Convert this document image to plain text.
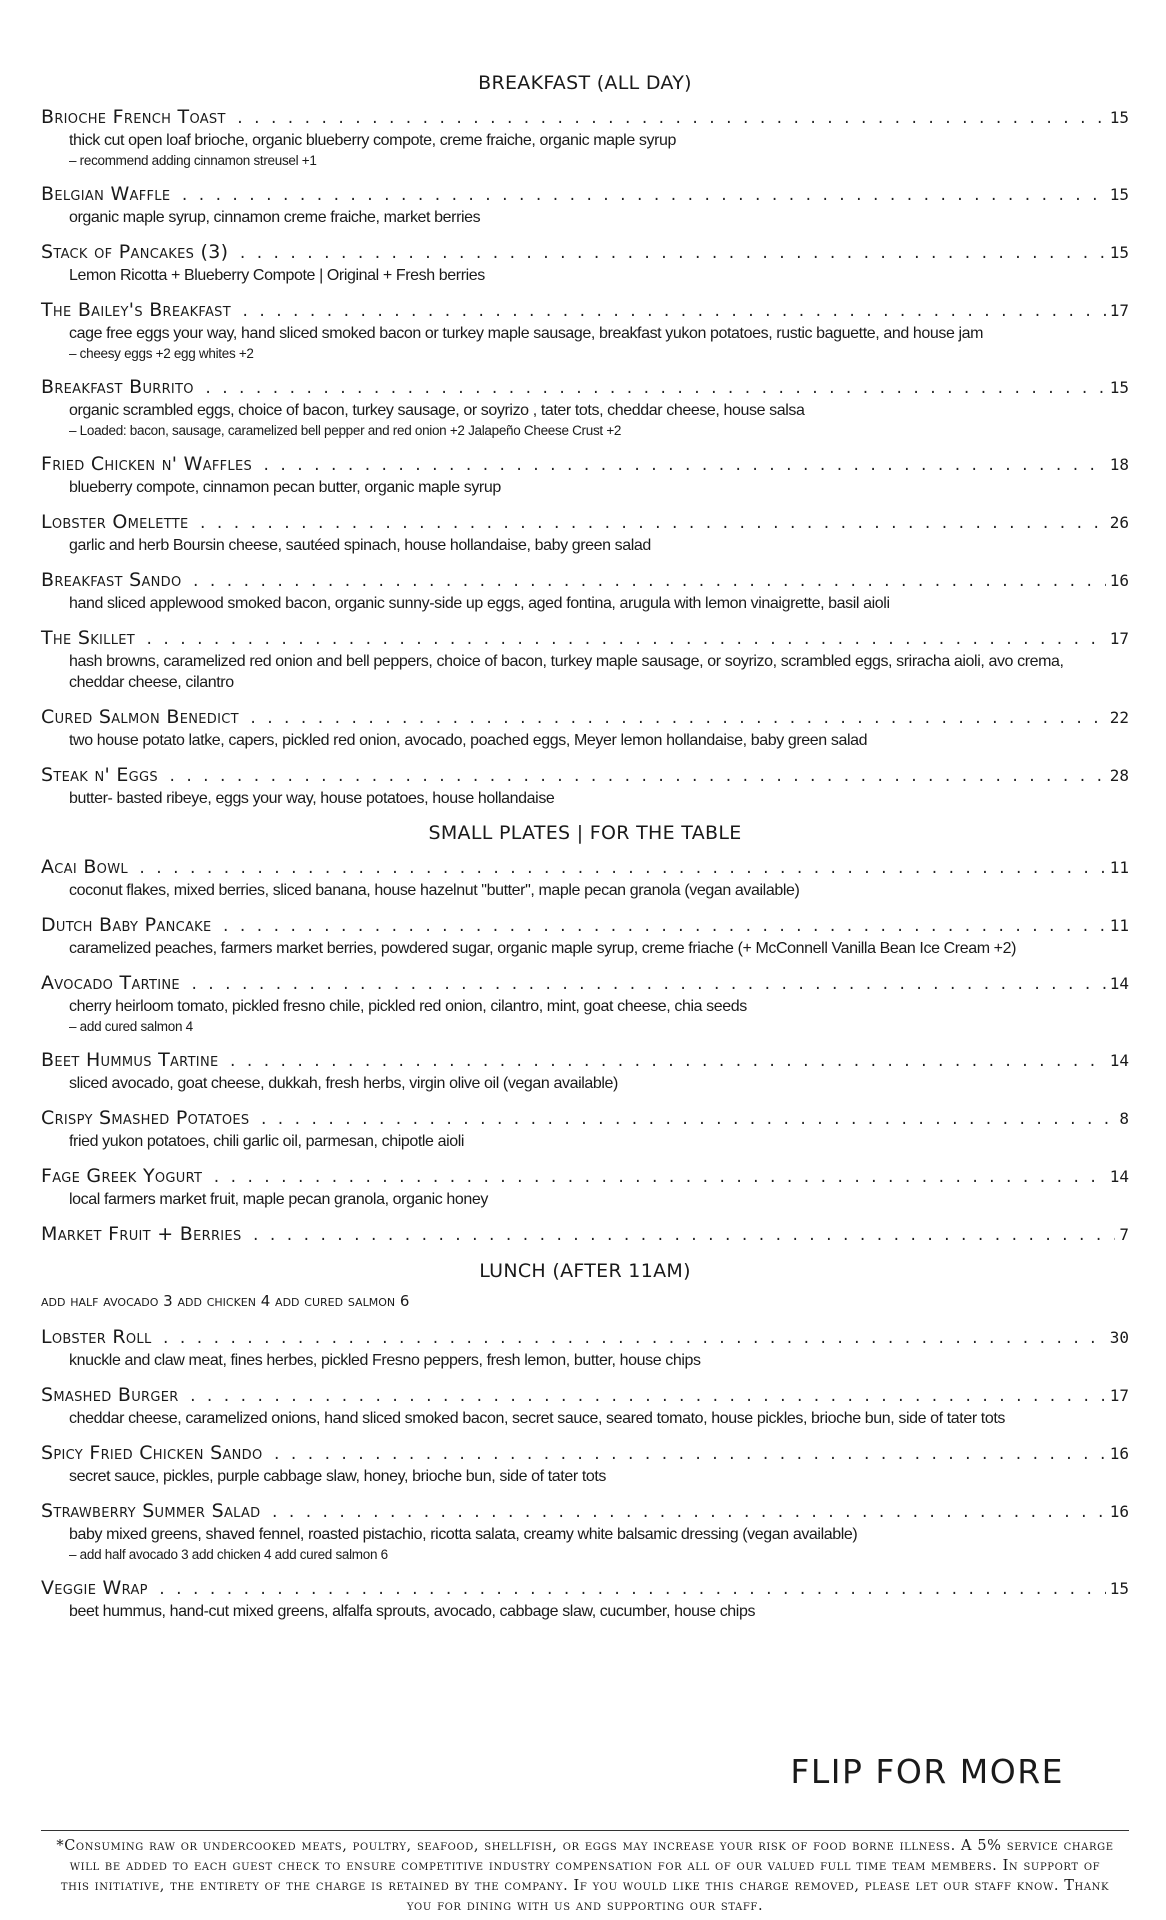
BREAKFAST (ALL DAY)
Brioche French Toast . . .	15
thick cut open loaf brioche, organic blueberry compote, creme fraiche, organic maple syrup
– recommend adding cinnamon streusel +1
Belgian Waffle . . .	15
organic maple syrup, cinnamon creme fraiche, market berries
Stack of Pancakes (3) . . .	15
Lemon Ricotta + Blueberry Compote | Original + Fresh berries
The Bailey's Breakfast . . .	17
cage free eggs your way, hand sliced smoked bacon or turkey maple sausage, breakfast yukon potatoes, rustic baguette, and house jam
– cheesy eggs +2 egg whites +2
Breakfast Burrito . . .	15
organic scrambled eggs, choice of bacon, turkey sausage, or soyrizo , tater tots, cheddar cheese, house salsa
– Loaded: bacon, sausage, caramelized bell pepper and red onion +2 Jalapeño Cheese Crust +2
Fried Chicken n' Waffles . . .	18
blueberry compote, cinnamon pecan butter, organic maple syrup
Lobster Omelette . . .	26
garlic and herb Boursin cheese, sautéed spinach, house hollandaise, baby green salad
Breakfast Sando . . .	16
hand sliced applewood smoked bacon, organic sunny-side up eggs, aged fontina, arugula with lemon vinaigrette, basil aioli
The Skillet . . .	17
hash browns, caramelized red onion and bell peppers, choice of bacon, turkey maple sausage, or soyrizo, scrambled eggs, sriracha aioli, avo crema, cheddar cheese, cilantro
Cured Salmon Benedict . . .	22
two house potato latke, capers, pickled red onion, avocado, poached eggs, Meyer lemon hollandaise, baby green salad
Steak n' Eggs . . .	28
butter- basted ribeye, eggs your way, house potatoes, house hollandaise
SMALL PLATES | FOR THE TABLE
Acai Bowl . . .	11
coconut flakes, mixed berries, sliced banana, house hazelnut "butter", maple pecan granola (vegan available)
Dutch Baby Pancake . . .	11
caramelized peaches, farmers market berries, powdered sugar, organic maple syrup, creme friache (+ McConnell Vanilla Bean Ice Cream +2)
Avocado Tartine . . .	14
cherry heirloom tomato, pickled fresno chile, pickled red onion, cilantro, mint, goat cheese, chia seeds
– add cured salmon 4
Beet Hummus Tartine . . .	14
sliced avocado, goat cheese, dukkah, fresh herbs, virgin olive oil (vegan available)
Crispy Smashed Potatoes . . .	8
fried yukon potatoes, chili garlic oil, parmesan, chipotle aioli
Fage Greek Yogurt . . .	14
local farmers market fruit, maple pecan granola, organic honey
Market Fruit + Berries . . .	7
LUNCH (AFTER 11AM)
add half avocado 3 add chicken 4 add cured salmon 6
Lobster Roll . . .	30
knuckle and claw meat, fines herbes, pickled Fresno peppers, fresh lemon, butter, house chips
Smashed Burger . . .	17
cheddar cheese, caramelized onions, hand sliced smoked bacon, secret sauce, seared tomato, house pickles, brioche bun, side of tater tots
Spicy Fried Chicken Sando . . .	16
secret sauce, pickles, purple cabbage slaw, honey, brioche bun, side of tater tots
Strawberry Summer Salad . . .	16
baby mixed greens, shaved fennel, roasted pistachio, ricotta salata, creamy white balsamic dressing (vegan available)
– add half avocado 3 add chicken 4 add cured salmon 6
Veggie Wrap . . .	15
beet hummus, hand-cut mixed greens, alfalfa sprouts, avocado, cabbage slaw, cucumber, house chips
FLIP FOR MORE
*Consuming raw or undercooked meats, poultry, seafood, shellfish, or eggs may increase your risk of food borne illness. A 5% service charge will be added to each guest check to ensure competitive industry compensation for all of our valued full time team members. In support of this initiative, the entirety of the charge is retained by the company. If you would like this charge removed, please let our staff know. Thank you for dining with us and supporting our staff.
